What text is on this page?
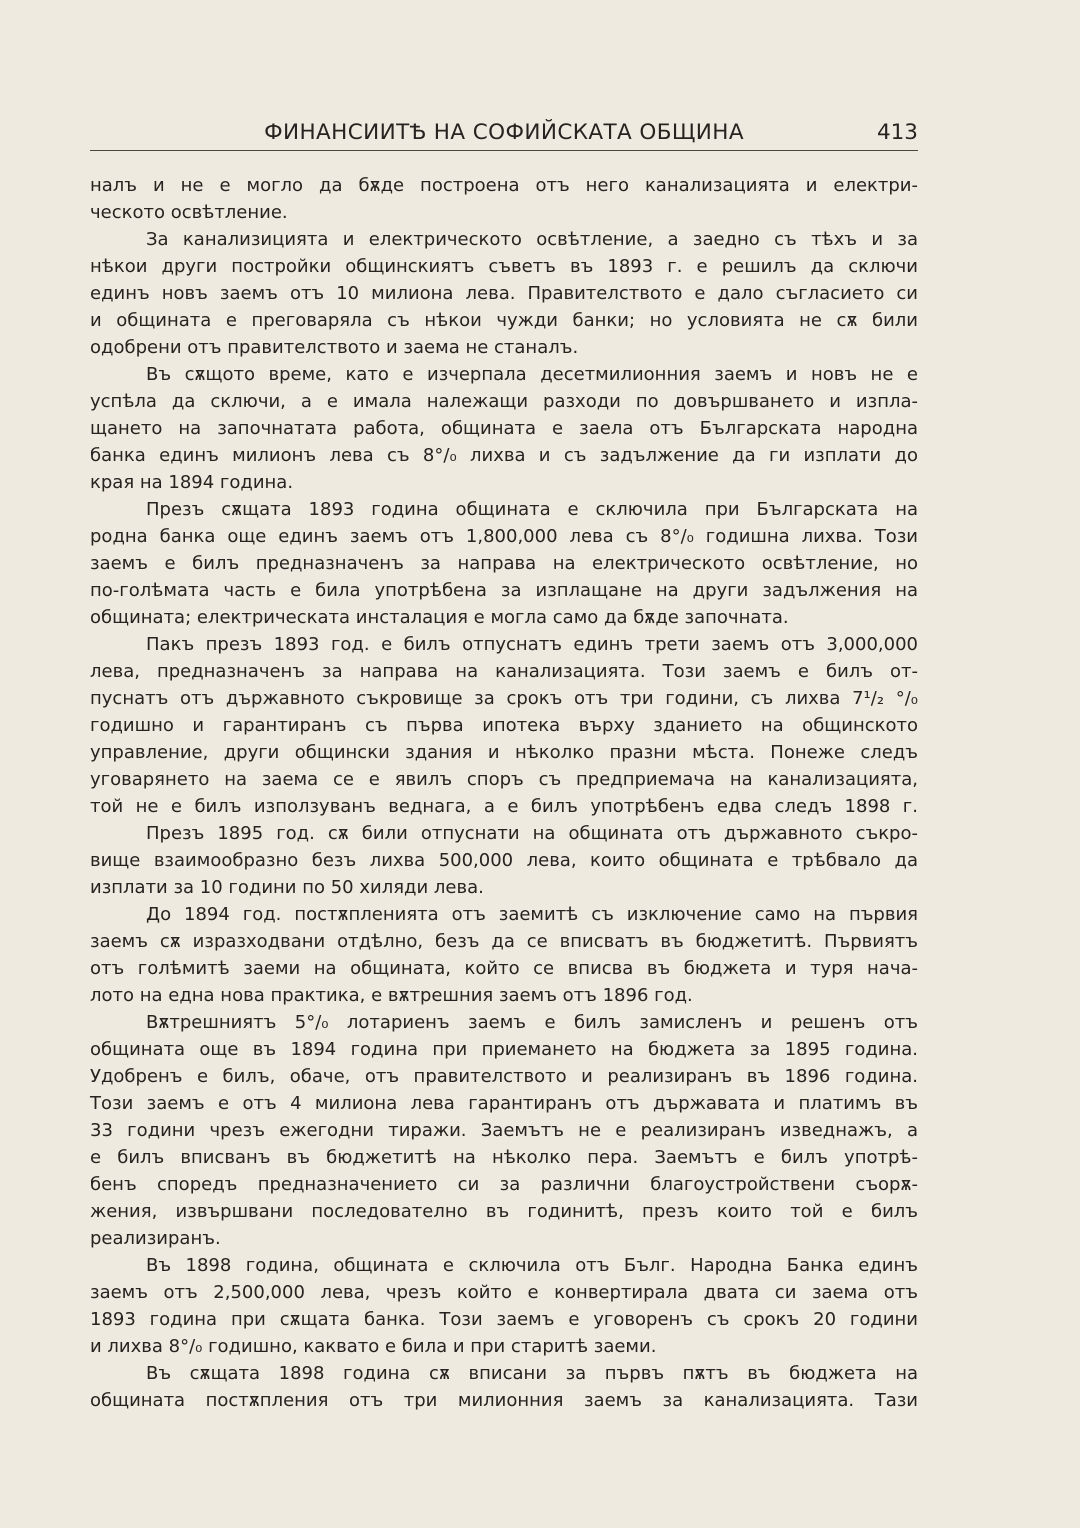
ФИНАНСИИТѢ НА СОФИЙСКАТА ОБЩИНА	413
налъ и не е могло да бѫде построена отъ него канализацията и електри-
ческото освѣтление.
За канализицията и електрическото освѣтление, а заедно съ тѣхъ и за
нѣкои други постройки общинскиятъ съветъ въ 1893 г. е решилъ да сключи
единъ новъ заемъ отъ 10 милиона лева. Правителството е дало съгласието си
и общината е преговаряла съ нѣкои чужди банки; но условията не сѫ били
одобрени отъ правителството и заема не станалъ.
Въ сѫщото време, като е изчерпала десетмилионния заемъ и новъ не е
успѣла да сключи, а е имала належащи разходи по довършването и изпла-
щането на започнатата работа, общината е заела отъ Българската народна
банка единъ милионъ лева съ 8°/₀ лихва и съ задължение да ги изплати до
края на 1894 година.
Презъ сѫщата 1893 година общината е сключила при Българската на
родна банка още единъ заемъ отъ 1,800,000 лева съ 8°/₀ годишна лихва. Този
заемъ е билъ предназначенъ за направа на електрическото освѣтление, но
по-голѣмата часть е била употрѣбена за изплащане на други задължения на
общината; електрическата инсталация е могла само да бѫде започната.
Пакъ презъ 1893 год. е билъ отпуснатъ единъ трети заемъ отъ 3,000,000
лева, предназначенъ за направа на канализацията. Този заемъ е билъ от-
пуснатъ отъ държавното съкровище за срокъ отъ три години, съ лихва 7¹/₂ °/₀
годишно и гарантиранъ съ първа ипотека върху зданието на общинското
управление, други общински здания и нѣколко празни мѣста. Понеже следъ
уговарянето на заема се е явилъ споръ съ предприемача на канализацията,
той не е билъ използуванъ веднага, а е билъ употрѣбенъ едва следъ 1898 г.
Презъ 1895 год. сѫ били отпуснати на общината отъ държавното съкро-
вище взаимообразно безъ лихва 500,000 лева, които общината е трѣбвало да
изплати за 10 години по 50 хиляди лева.
До 1894 год. постѫпленията отъ заемитѣ съ изключение само на първия
заемъ сѫ изразходвани отдѣлно, безъ да се вписватъ въ бюджетитѣ. Първиятъ
отъ голѣмитѣ заеми на общината, който се вписва въ бюджета и туря нача-
лото на една нова практика, е вѫтрешния заемъ отъ 1896 год.
Вѫтрешниятъ 5°/₀ лотариенъ заемъ е билъ замисленъ и решенъ отъ
общината още въ 1894 година при приемането на бюджета за 1895 година.
Удобренъ е билъ, обаче, отъ правителството и реализиранъ въ 1896 година.
Този заемъ е отъ 4 милиона лева гарантиранъ отъ държавата и платимъ въ
33 години чрезъ ежегодни тиражи. Заемътъ не е реализиранъ изведнажъ, а
е билъ вписванъ въ бюджетитѣ на нѣколко пера. Заемътъ е билъ употрѣ-
бенъ споредъ предназначението си за различни благоустройствени съорѫ-
жения, извършвани последователно въ годинитѣ, презъ които той е билъ
реализиранъ.
Въ 1898 година, общината е сключила отъ Бълг. Народна Банка единъ
заемъ отъ 2,500,000 лева, чрезъ който е конвертирала двата си заема отъ
1893 година при сѫщата банка. Този заемъ е уговоренъ съ срокъ 20 години
и лихва 8°/₀ годишно, каквато е била и при старитѣ заеми.
Въ сѫщата 1898 година сѫ вписани за първъ пѫтъ въ бюджета на
общината постѫпления отъ три милионния заемъ за канализацията. Тази
